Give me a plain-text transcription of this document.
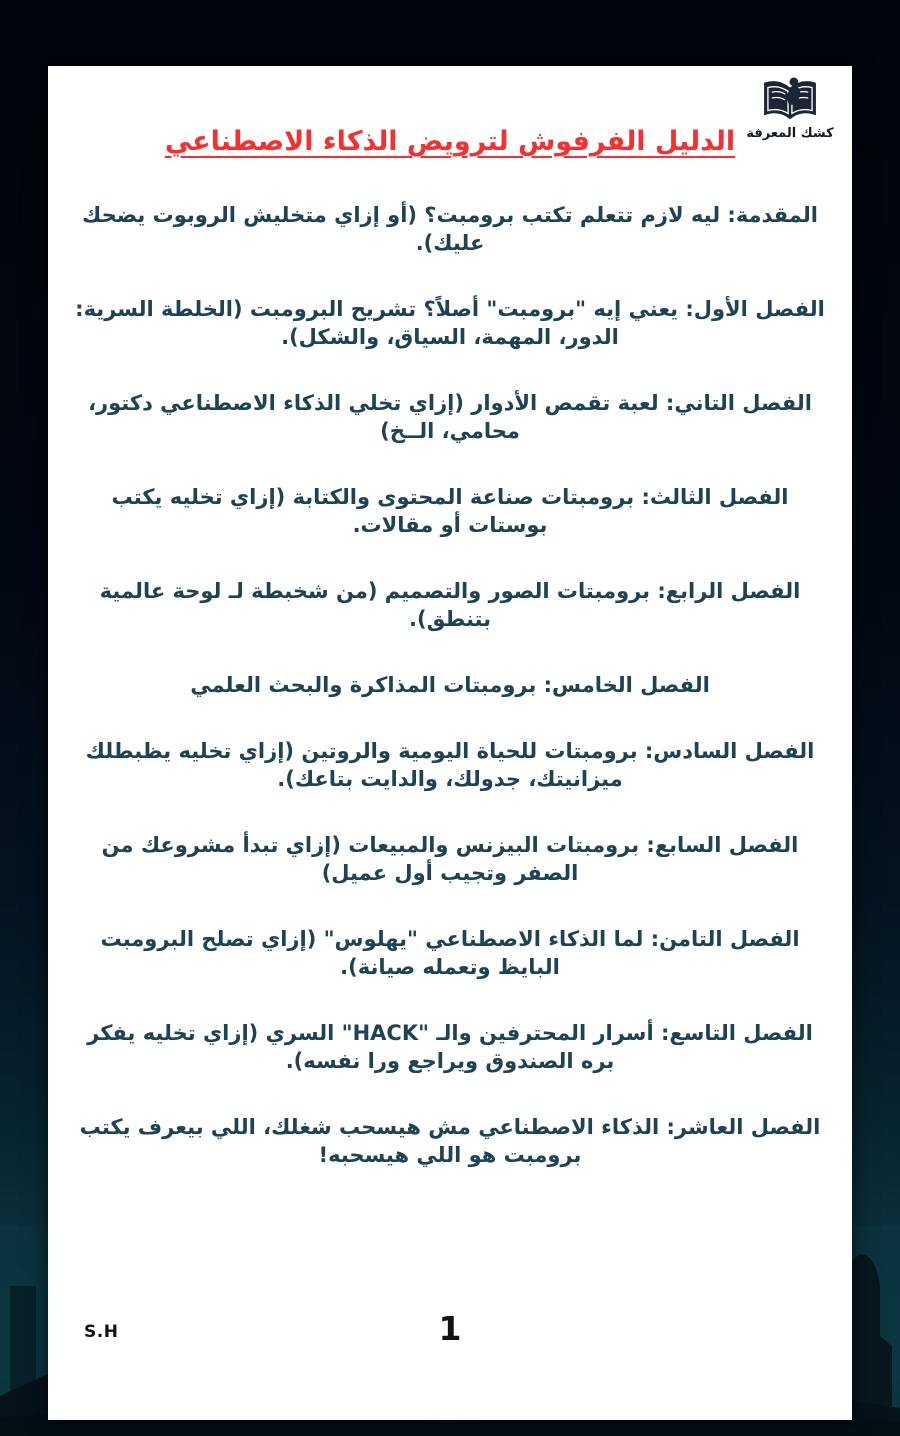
كشك المعرفة
الدليل الفرفوش لترويض الذكاء الاصطناعي

المقدمة: ليه لازم تتعلم تكتب برومبت؟ (أو إزاي متخليش الروبوت يضحك عليك).

الفصل الأول: يعني إيه "برومبت" أصلاً؟ تشريح البرومبت (الخلطة السرية: الدور، المهمة، السياق، والشكل).

الفصل التاني: لعبة تقمص الأدوار (إزاي تخلي الذكاء الاصطناعي دكتور، محامي، الــخ)

الفصل الثالث: برومبتات صناعة المحتوى والكتابة (إزاي تخليه يكتب بوستات أو مقالات.

الفصل الرابع: برومبتات الصور والتصميم (من شخبطة لـ لوحة عالمية بتنطق).

الفصل الخامس: برومبتات المذاكرة والبحث العلمي

الفصل السادس: برومبتات للحياة اليومية والروتين (إزاي تخليه يظبطلك ميزانيتك، جدولك، والدايت بتاعك).

الفصل السابع: برومبتات البيزنس والمبيعات (إزاي تبدأ مشروعك من الصفر وتجيب أول عميل)

الفصل التامن: لما الذكاء الاصطناعي "يهلوس" (إزاي تصلح البرومبت البايظ وتعمله صيانة).

الفصل التاسع: أسرار المحترفين والـ "HACK" السري (إزاي تخليه يفكر بره الصندوق ويراجع ورا نفسه).

الفصل العاشر: الذكاء الاصطناعي مش هيسحب شغلك، اللي بيعرف يكتب برومبت هو اللي هيسحبه!

S.H	1
